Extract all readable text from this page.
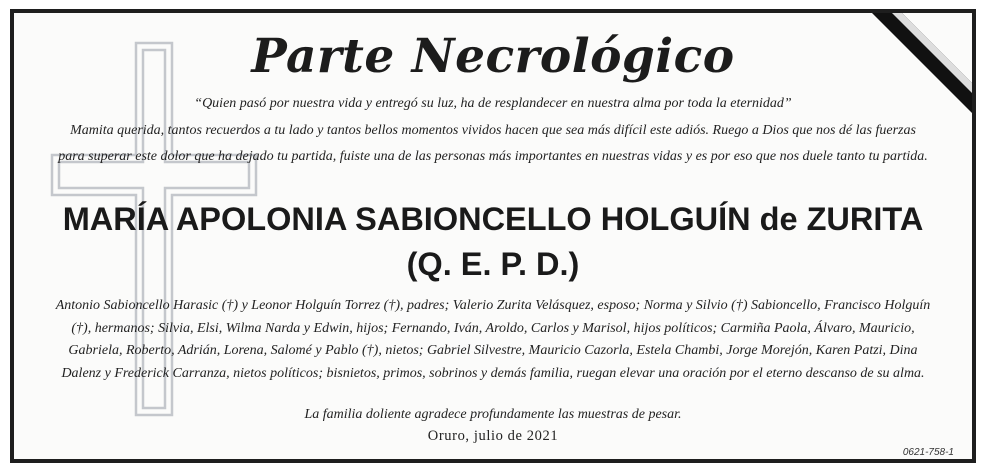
Parte Necrológico
“Quien pasó por nuestra vida y entregó su luz, ha de resplandecer en nuestra alma por toda la eternidad”

Mamita querida, tantos recuerdos a tu lado y tantos bellos momentos vividos hacen que sea más difícil este adiós. Ruego a Dios que nos dé las fuerzas para superar este dolor que ha dejado tu partida, fuiste una de las personas más importantes en nuestras vidas y es por eso que nos duele tanto tu partida.

MARÍA APOLONIA SABIONCELLO HOLGUÍN de ZURITA
(Q. E. P. D.)

Antonio Sabioncello Harasic (†) y Leonor Holguín Torrez (†), padres; Valerio Zurita Velásquez, esposo; Norma y Silvio (†) Sabioncello, Francisco Holguín (†), hermanos; Silvia, Elsi, Wilma Narda y Edwin, hijos; Fernando, Iván, Aroldo, Carlos y Marisol, hijos políticos; Carmiña Paola, Álvaro, Mauricio, Gabriela, Roberto, Adrián, Lorena, Salomé y Pablo (†), nietos; Gabriel Silvestre, Mauricio Cazorla, Estela Chambi, Jorge Morejón, Karen Patzi, Dina Dalenz y Frederick Carranza, nietos políticos; bisnietos, primos, sobrinos y demás familia, ruegan elevar una oración por el eterno descanso de su alma.

La familia doliente agradece profundamente las muestras de pesar.
Oruro, julio de 2021
0621-758-1
